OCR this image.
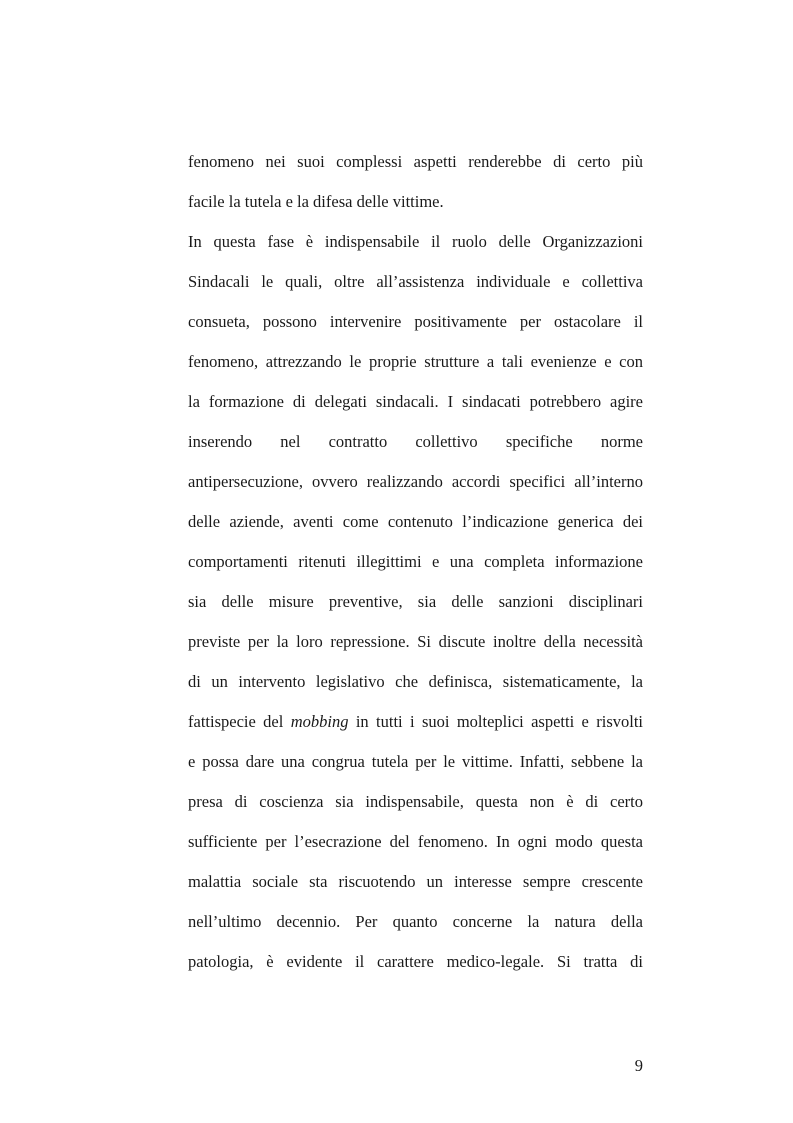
fenomeno nei suoi complessi aspetti renderebbe di certo più
facile la tutela e la difesa delle vittime.
In questa fase è indispensabile il ruolo delle Organizzazioni
Sindacali le quali, oltre all’assistenza individuale e collettiva
consueta, possono intervenire positivamente per ostacolare il
fenomeno, attrezzando le proprie strutture a tali evenienze e con
la formazione di delegati sindacali. I sindacati potrebbero agire
inserendo nel contratto collettivo specifiche norme
antipersecuzione, ovvero realizzando accordi specifici all’interno
delle aziende, aventi come contenuto l’indicazione generica dei
comportamenti ritenuti illegittimi e una completa informazione
sia delle misure preventive, sia delle sanzioni disciplinari
previste per la loro repressione. Si discute inoltre della necessità
di un intervento legislativo che definisca, sistematicamente, la
fattispecie del mobbing in tutti i suoi molteplici aspetti e risvolti
e possa dare una congrua tutela per le vittime. Infatti, sebbene la
presa di coscienza sia indispensabile, questa non è di certo
sufficiente per l’esecrazione del fenomeno. In ogni modo questa
malattia sociale sta riscuotendo un interesse sempre crescente
nell’ultimo decennio. Per quanto concerne la natura della
patologia, è evidente il carattere medico-legale. Si tratta di
9
